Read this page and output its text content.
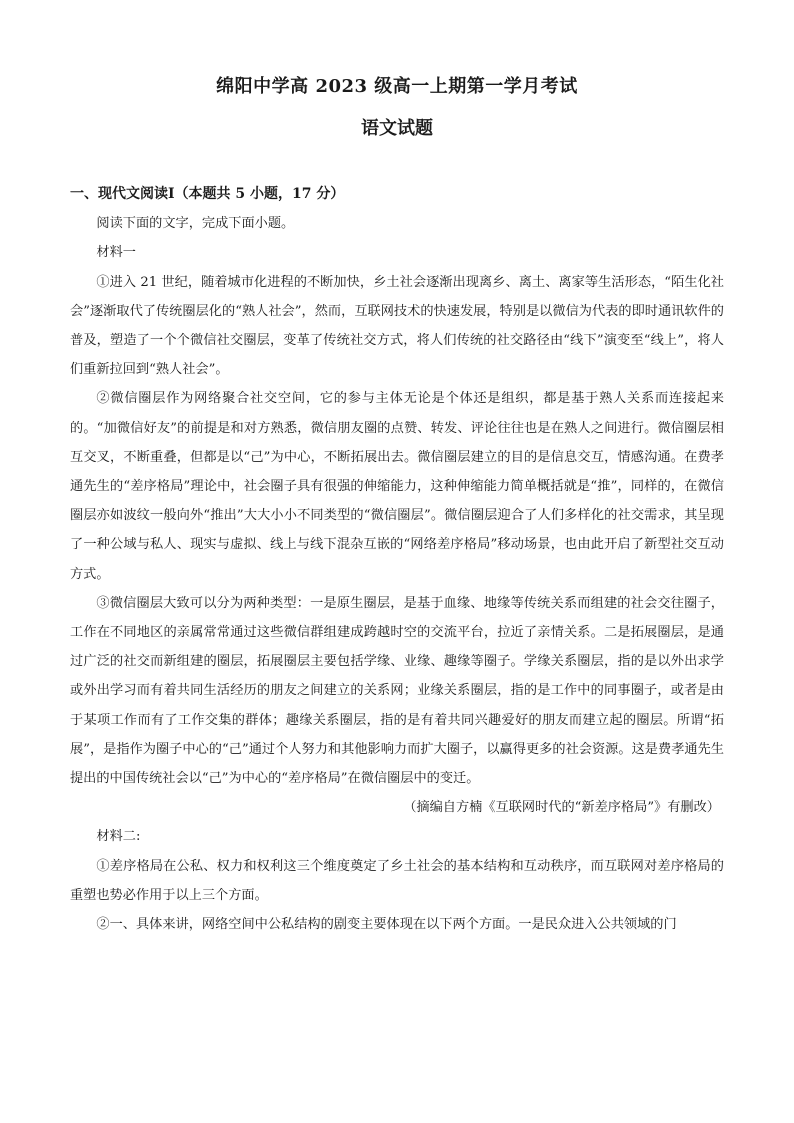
绵阳中学高 2023 级高一上期第一学月考试
语文试题

一、现代文阅读Ⅰ（本题共 5 小题，17 分）

阅读下面的文字，完成下面小题。

材料一

①进入 21 世纪，随着城市化进程的不断加快，乡土社会逐渐出现离乡、离土、离家等生活形态，“陌生化社会”逐渐取代了传统圈层化的“熟人社会”，然而，互联网技术的快速发展，特别是以微信为代表的即时通讯软件的普及，塑造了一个个微信社交圈层，变革了传统社交方式，将人们传统的社交路径由“线下”演变至“线上”，将人们重新拉回到“熟人社会”。

②微信圈层作为网络聚合社交空间，它的参与主体无论是个体还是组织，都是基于熟人关系而连接起来的。“加微信好友”的前提是和对方熟悉，微信朋友圈的点赞、转发、评论往往也是在熟人之间进行。微信圈层相互交叉，不断重叠，但都是以“己”为中心，不断拓展出去。微信圈层建立的目的是信息交互，情感沟通。在费孝通先生的“差序格局”理论中，社会圈子具有很强的伸缩能力，这种伸缩能力简单概括就是“推”，同样的，在微信圈层亦如波纹一般向外“推出”大大小小不同类型的“微信圈层”。微信圈层迎合了人们多样化的社交需求，其呈现了一种公域与私人、现实与虚拟、线上与线下混杂互嵌的“网络差序格局”移动场景，也由此开启了新型社交互动方式。

③微信圈层大致可以分为两种类型：一是原生圈层，是基于血缘、地缘等传统关系而组建的社会交往圈子，工作在不同地区的亲属常常通过这些微信群组建成跨越时空的交流平台，拉近了亲情关系。二是拓展圈层，是通过广泛的社交而新组建的圈层，拓展圈层主要包括学缘、业缘、趣缘等圈子。学缘关系圈层，指的是以外出求学或外出学习而有着共同生活经历的朋友之间建立的关系网；业缘关系圈层，指的是工作中的同事圈子，或者是由于某项工作而有了工作交集的群体；趣缘关系圈层，指的是有着共同兴趣爱好的朋友而建立起的圈层。所谓“拓展”，是指作为圈子中心的“己”通过个人努力和其他影响力而扩大圈子，以赢得更多的社会资源。这是费孝通先生提出的中国传统社会以“己”为中心的“差序格局”在微信圈层中的变迁。

（摘编自方楠《互联网时代的“新差序格局”》有删改）

材料二:

①差序格局在公私、权力和权利这三个维度奠定了乡土社会的基本结构和互动秩序，而互联网对差序格局的重塑也势必作用于以上三个方面。

②一、具体来讲，网络空间中公私结构的剧变主要体现在以下两个方面。一是民众进入公共领域的门
